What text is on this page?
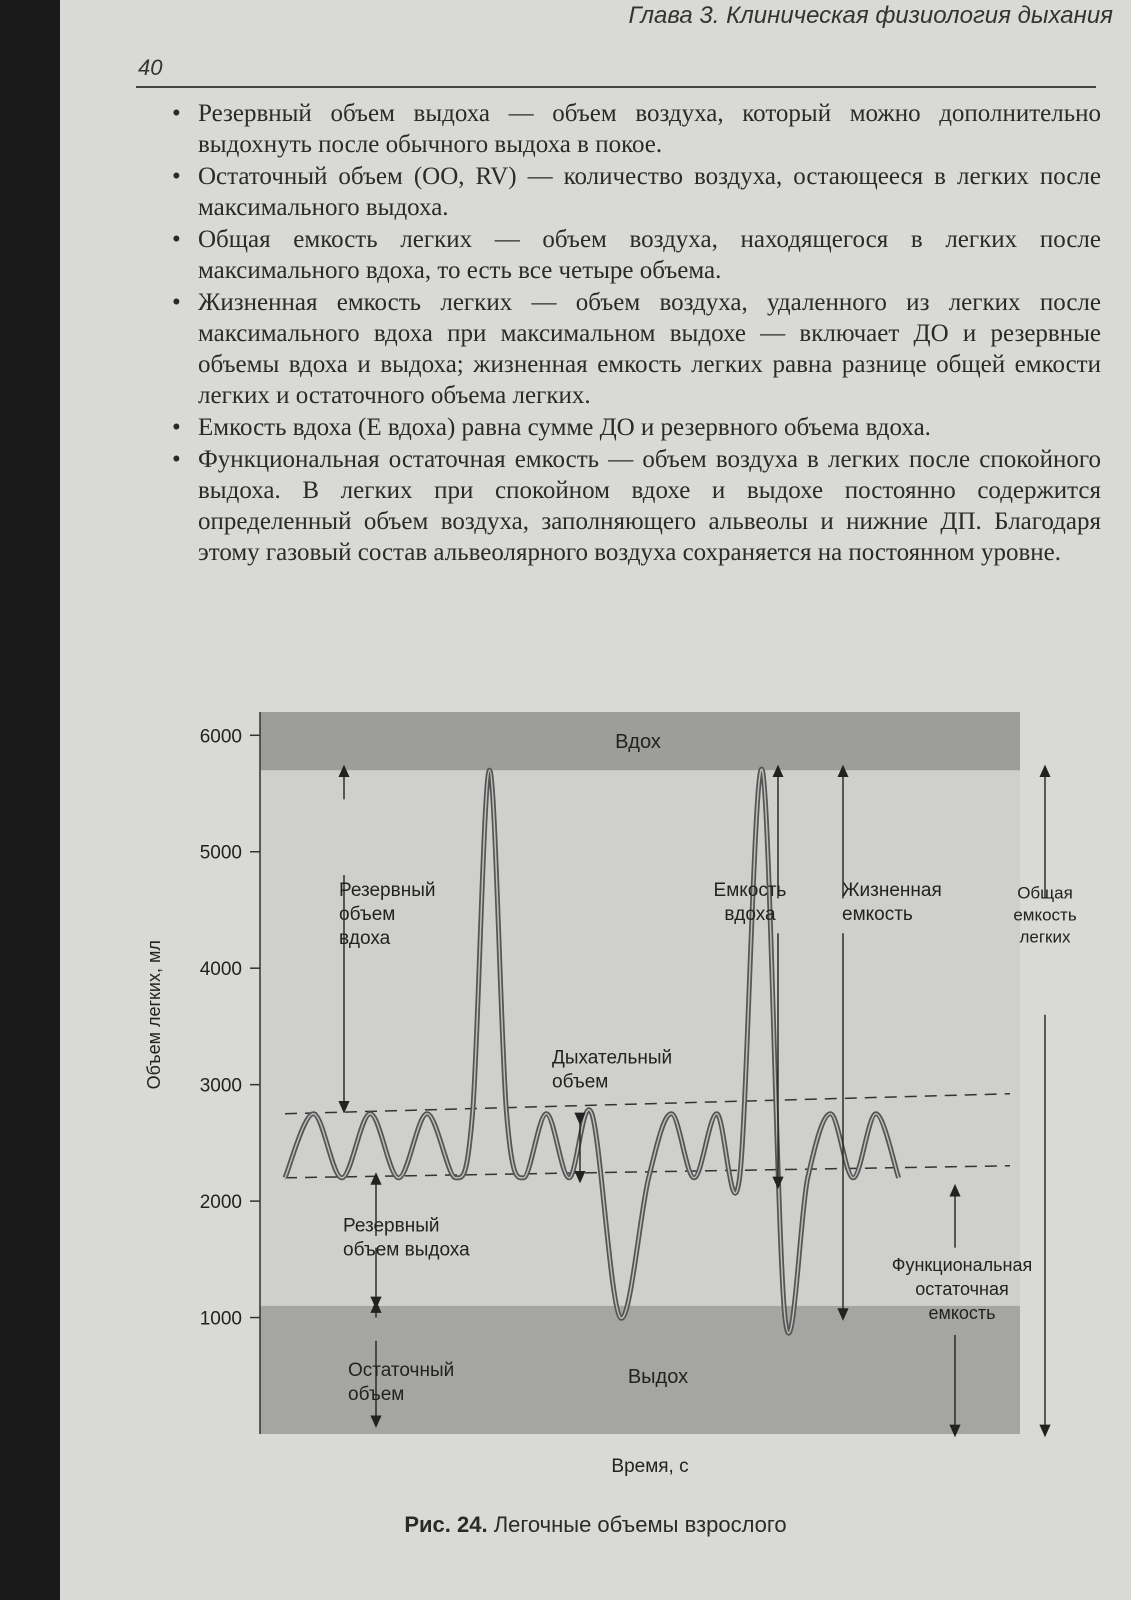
Глава 3. Клиническая физиология дыхания
40
• Резервный объем выдоха — объем воздуха, который можно дополнительно выдохнуть после обычного выдоха в покое.
• Остаточный объем (ОО, RV) — количество воздуха, остающееся в легких после максимального выдоха.
• Общая емкость легких — объем воздуха, находящегося в легких после максимального вдоха, то есть все четыре объема.
• Жизненная емкость легких — объем воздуха, удаленного из легких после максимального вдоха при максимальном выдохе — включает ДО и резервные объемы вдоха и выдоха; жизненная емкость легких равна разнице общей емкости легких и остаточного объема легких.
• Емкость вдоха (Е вдоха) равна сумме ДО и резервного объема вдоха.
• Функциональная остаточная емкость — объем воздуха в легких после спокойного выдоха. В легких при спокойном вдохе и выдохе постоянно содержится определенный объем воздуха, заполняющего альвеолы и нижние ДП. Благодаря этому газовый состав альвеолярного воздуха сохраняется на постоянном уровне.
1000
2000
3000
4000
5000
6000
Объем легких, мл
Время, с
Вдох
Выдох
Резервный объем вдоха
Дыхательный объем
Резервный объем выдоха
Остаточный объем
Емкость вдоха
Жизненная емкость
Общая емкость легких
Функциональная остаточная емкость
Рис. 24. Легочные объемы взрослого
